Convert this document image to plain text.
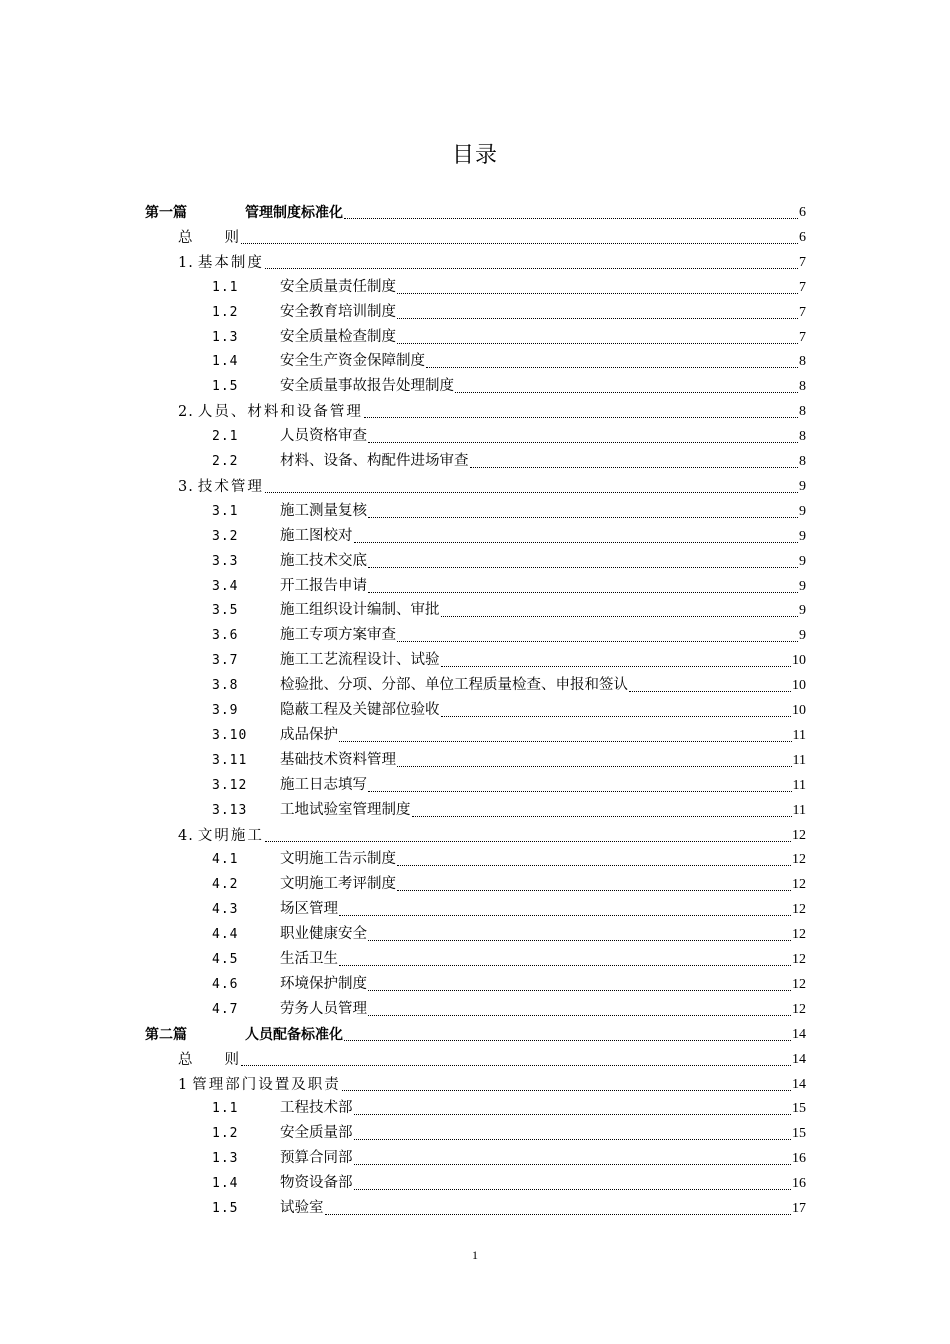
目录
第一篇	管理制度标准化	6
总　　则	6
1. 基本制度	7
1.1	安全质量责任制度	7
1.2	安全教育培训制度	7
1.3	安全质量检查制度	7
1.4	安全生产资金保障制度	8
1.5	安全质量事故报告处理制度	8
2. 人员、材料和设备管理	8
2.1	人员资格审查	8
2.2	材料、设备、构配件进场审查	8
3. 技术管理	9
3.1	施工测量复核	9
3.2	施工图校对	9
3.3	施工技术交底	9
3.4	开工报告申请	9
3.5	施工组织设计编制、审批	9
3.6	施工专项方案审查	9
3.7	施工工艺流程设计、试验	10
3.8	检验批、分项、分部、单位工程质量检查、申报和签认	10
3.9	隐蔽工程及关键部位验收	10
3.10 成品保护	11
3.11 基础技术资料管理	11
3.12 施工日志填写	11
3.13 工地试验室管理制度	11
4. 文明施工	12
4.1	文明施工告示制度	12
4.2	文明施工考评制度	12
4.3	场区管理	12
4.4	职业健康安全	12
4.5	生活卫生	12
4.6	环境保护制度	12
4.7	劳务人员管理	12
第二篇	人员配备标准化	14
总　　则	14
1 管理部门设置及职责	14
1.1	工程技术部	15
1.2	安全质量部	15
1.3	预算合同部	16
1.4	物资设备部	16
1.5	试验室	17
1
